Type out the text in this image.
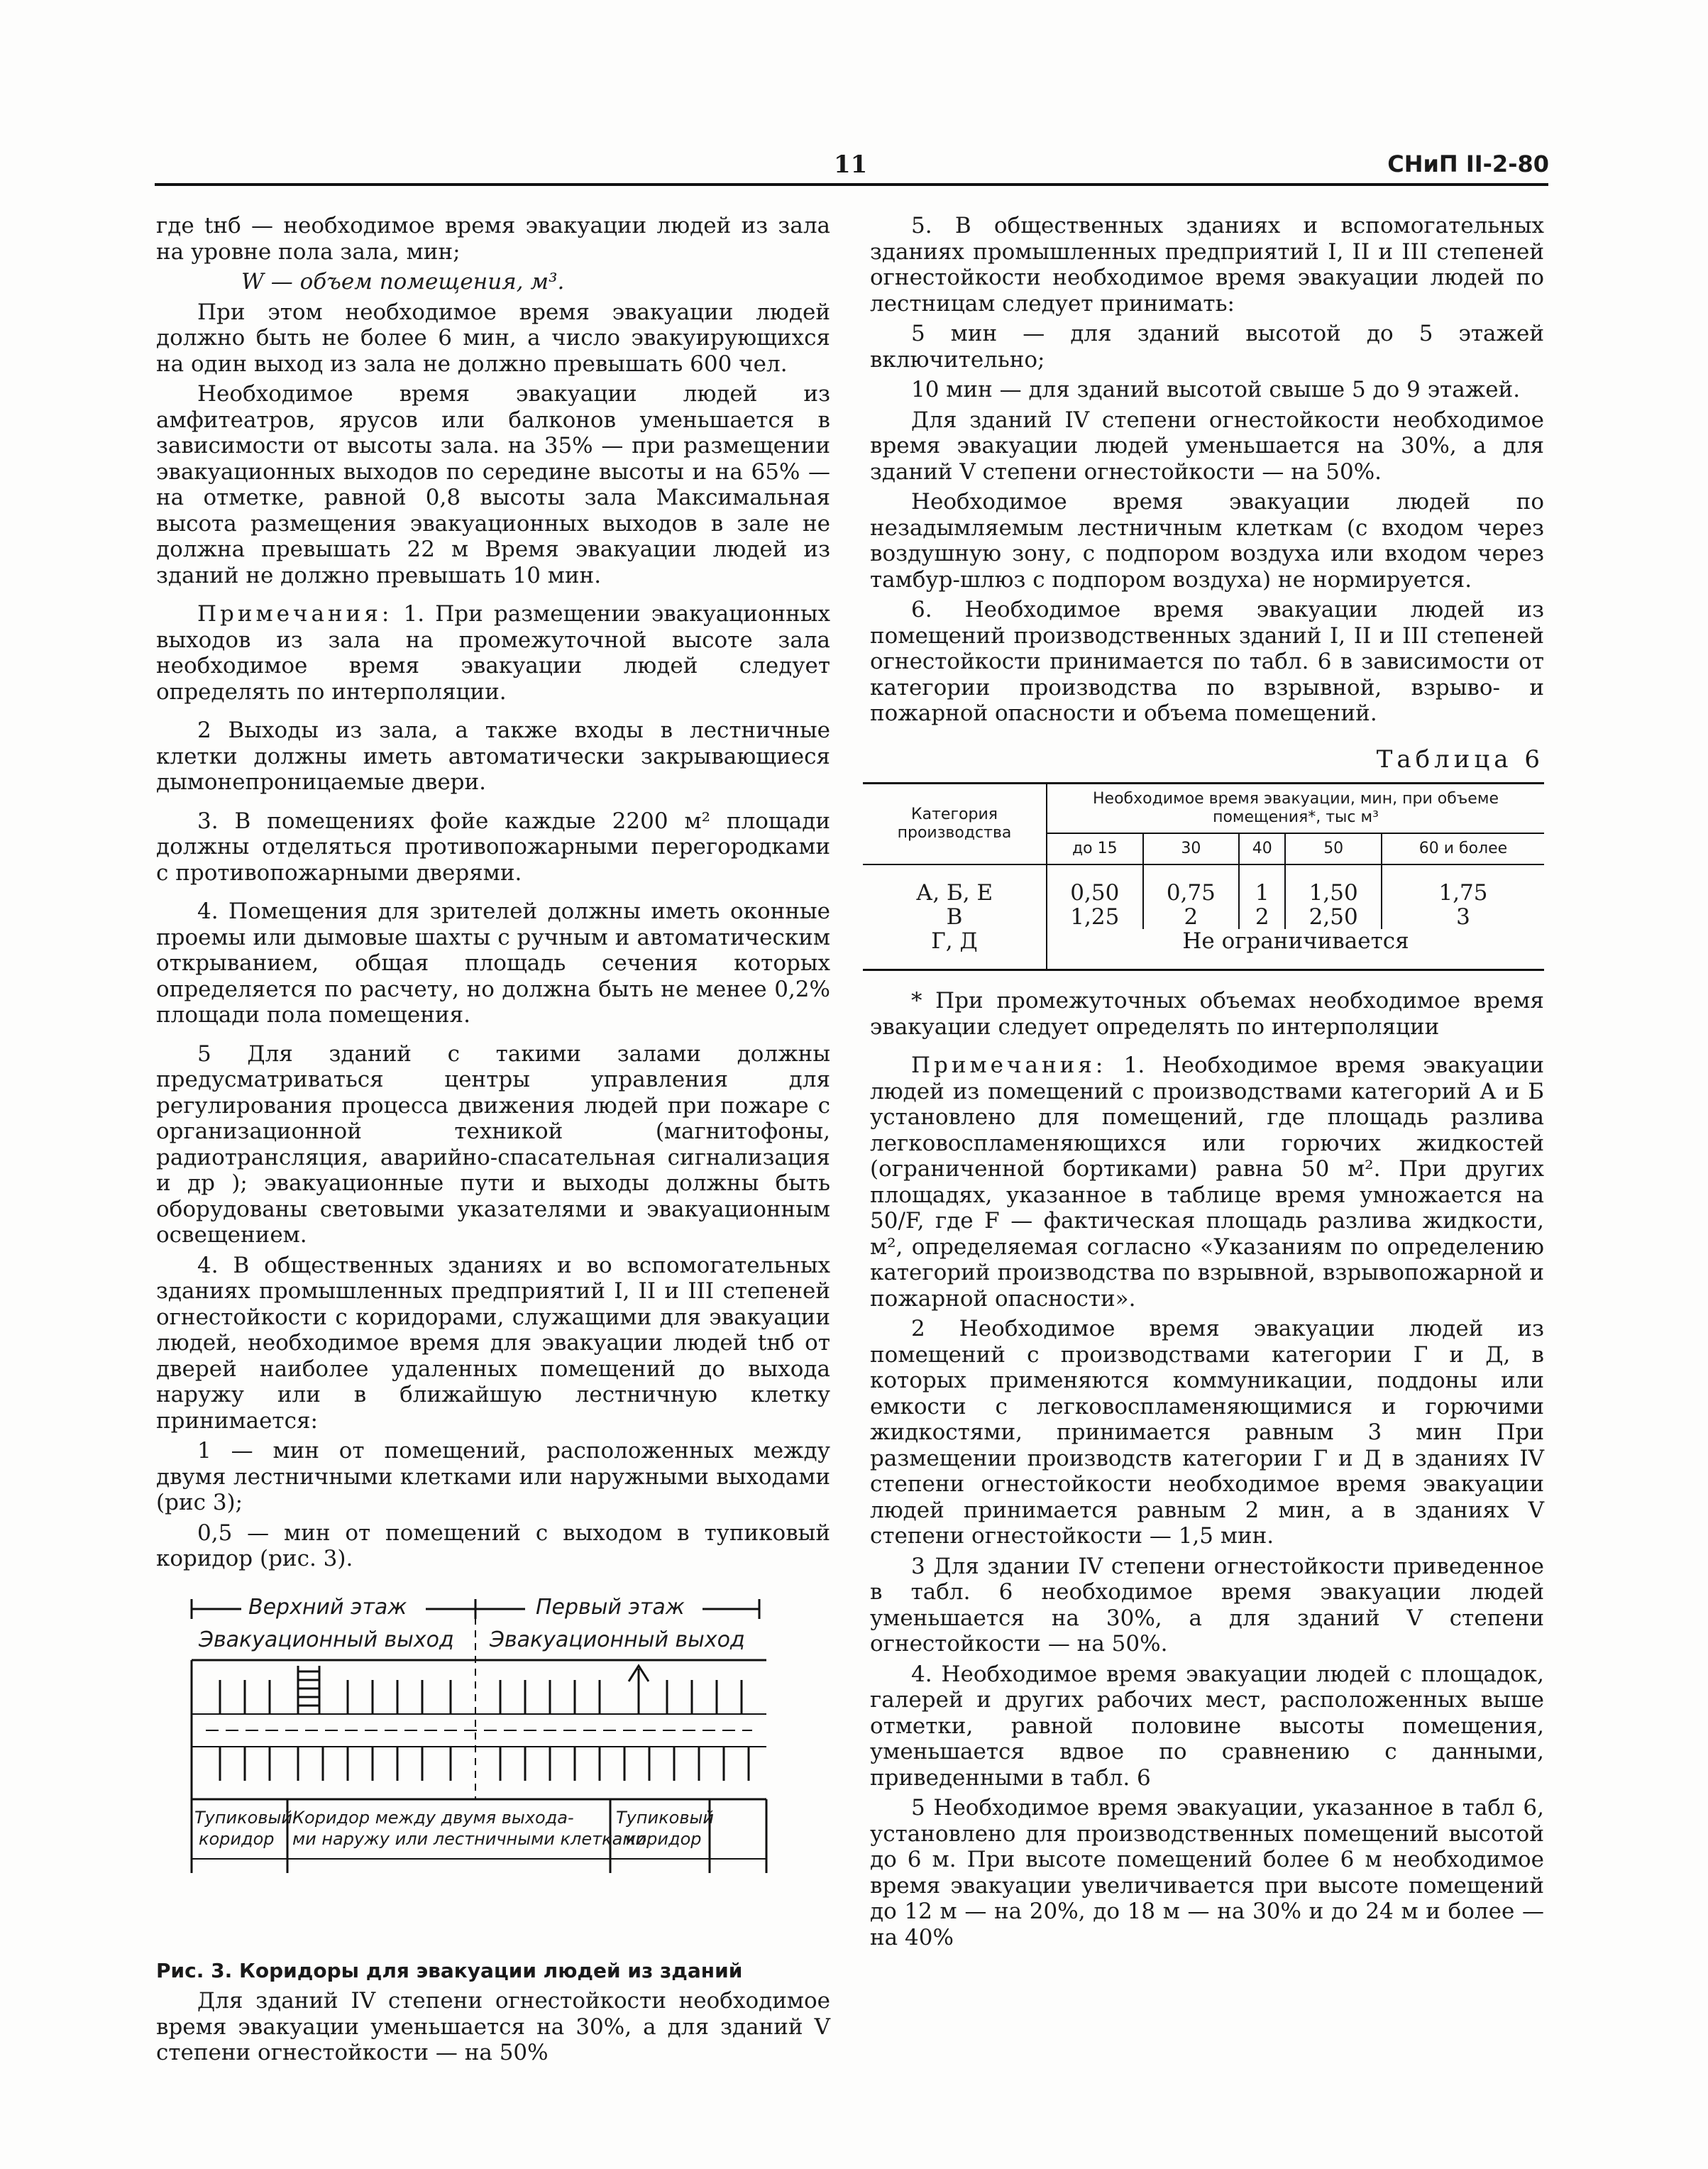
11	СНиП II-2-80

где tнб — необходимое время эвакуации людей из зала на уровне пола зала, мин;

W — объем помещения, м³.

При этом необходимое время эвакуации людей должно быть не более 6 мин, а число эвакуирующихся на один выход из зала не должно превышать 600 чел.

Необходимое время эвакуации людей из амфитеатров, ярусов или балконов уменьшается в зависимости от высоты зала. на 35% — при размещении эвакуационных выходов по середине высоты и на 65% — на отметке, равной 0,8 высоты зала Максимальная высота размещения эвакуационных выходов в зале не должна превышать 22 м Время эвакуации людей из зданий не должно превышать 10 мин.

Примечания: 1. При размещении эвакуационных выходов из зала на промежуточной высоте зала необходимое время эвакуации людей следует определять по интерполяции.

2 Выходы из зала, а также входы в лестничные клетки должны иметь автоматически закрывающиеся дымонепроницаемые двери.

3. В помещениях фойе каждые 2200 м² площади должны отделяться противопожарными перегородками с противопожарными дверями.

4. Помещения для зрителей должны иметь оконные проемы или дымовые шахты с ручным и автоматическим открыванием, общая площадь сечения которых определяется по расчету, но должна быть не менее 0,2% площади пола помещения.

5 Для зданий с такими залами должны предусматриваться центры управления для регулирования процесса движения людей при пожаре с организационной техникой (магнитофоны, радиотрансляция, аварийно-спасательная сигнализация и др ); эвакуационные пути и выходы должны быть оборудованы световыми указателями и эвакуационным освещением.

4. В общественных зданиях и во вспомогательных зданиях промышленных предприятий I, II и III степеней огнестойкости с коридорами, служащими для эвакуации людей, необходимое время для эвакуации людей tнб от дверей наиболее удаленных помещений до выхода наружу или в ближайшую лестничную клетку принимается:

1 — мин от помещений, расположенных между двумя лестничными клетками или наружными выходами (рис 3);

0,5 — мин от помещений с выходом в тупиковый коридор (рис. 3).

Верхний этаж	Первый этаж
Эвакуационный выход Эвакуационный выход
Тупиковый
коридор
Коридор между двумя выхода-
ми наружу или лестничными клетками
Тупиковый
коридор

Рис. 3. Коридоры для эвакуации людей из зданий

Для зданий IV степени огнестойкости необходимое время эвакуации уменьшается на 30%, а для зданий V степени огнестойкости — на 50%

5. В общественных зданиях и вспомогательных зданиях промышленных предприятий I, II и III степеней огнестойкости необходимое время эвакуации людей по лестницам следует принимать:

5 мин — для зданий высотой до 5 этажей включительно;

10 мин — для зданий высотой свыше 5 до 9 этажей.

Для зданий IV степени огнестойкости необходимое время эвакуации людей уменьшается на 30%, а для зданий V степени огнестойкости — на 50%.

Необходимое время эвакуации людей по незадымляемым лестничным клеткам (с входом через воздушную зону, с подпором воздуха или входом через тамбур-шлюз с подпором воздуха) не нормируется.

6. Необходимое время эвакуации людей из помещений производственных зданий I, II и III степеней огнестойкости принимается по табл. 6 в зависимости от категории производства по взрывной, взрыво- и пожарной опасности и объема помещений.

Таблица 6
Категория производства	Необходимое время эвакуации, мин, при объеме помещения*, тыс м³				
	до 15	30	40	50	60 и более
А, Б, Е	0,50	0,75	1	1,50	1,75
В	1,25	2	2	2,50	3
Г, Д	Не ограничивается				

* При промежуточных объемах необходимое время эвакуации следует определять по интерполяции

Примечания: 1. Необходимое время эвакуации людей из помещений с производствами категорий А и Б установлено для помещений, где площадь разлива легковоспламеняющихся или горючих жидкостей (ограниченной бортиками) равна 50 м². При других площадях, указанное в таблице время умножается на 50/F, где F — фактическая площадь разлива жидкости, м², определяемая согласно «Указаниям по определению категорий производства по взрывной, взрывопожарной и пожарной опасности».

2 Необходимое время эвакуации людей из помещений с производствами категории Г и Д, в которых применяются коммуникации, поддоны или емкости с легковоспламеняющимися и горючими жидкостями, принимается равным 3 мин При размещении производств категории Г и Д в зданиях IV степени огнестойкости необходимое время эвакуации людей принимается равным 2 мин, а в зданиях V степени огнестойкости — 1,5 мин.

3 Для здании IV степени огнестойкости приведенное в табл. 6 необходимое время эвакуации людей уменьшается на 30%, а для зданий V степени огнестойкости — на 50%.

4. Необходимое время эвакуации людей с площадок, галерей и других рабочих мест, расположенных выше отметки, равной половине высоты помещения, уменьшается вдвое по сравнению с данными, приведенными в табл. 6

5 Необходимое время эвакуации, указанное в табл 6, установлено для производственных помещений высотой до 6 м. При высоте помещений более 6 м необходимое время эвакуации увеличивается при высоте помещений до 12 м — на 20%, до 18 м — на 30% и до 24 м и более — на 40%
